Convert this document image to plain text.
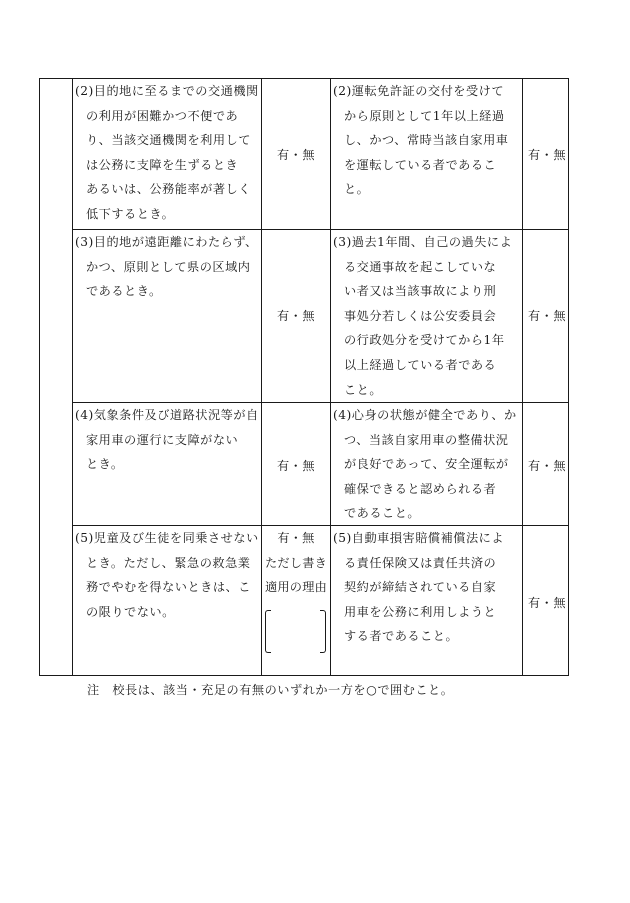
(2)目的地に至るまでの交通機関
の利用が困難かつ不便であ
り、当該交通機関を利用して
は公務に支障を生ずるとき
あるいは、公務能率が著しく
低下するとき。
有・無
(2)運転免許証の交付を受けて
から原則として1年以上経過
し、かつ、常時当該自家用車
を運転している者であるこ
と。
有・無
(3)目的地が遠距離にわたらず、
かつ、原則として県の区域内
であるとき。
有・無
(3)過去1年間、自己の過失によ
る交通事故を起こしていな
い者又は当該事故により刑
事処分若しくは公安委員会
の行政処分を受けてから1年
以上経過している者である
こと。
有・無
(4)気象条件及び道路状況等が自
家用車の運行に支障がない
とき。	有・無
(4)心身の状態が健全であり、か
つ、当該自家用車の整備状況
が良好であって、安全運転が
確保できると認められる者
であること。
有・無
(5)児童及び生徒を同乗させない
とき。ただし、緊急の救急業
務でやむを得ないときは、こ
の限りでない。
有・無
ただし書き
適用の理由
(5)自動車損害賠償補償法によ
る責任保険又は責任共済の
契約が締結されている自家
用車を公務に利用しようと
する者であること。
有・無
注　校長は、該当・充足の有無のいずれか一方を○で囲むこと。
